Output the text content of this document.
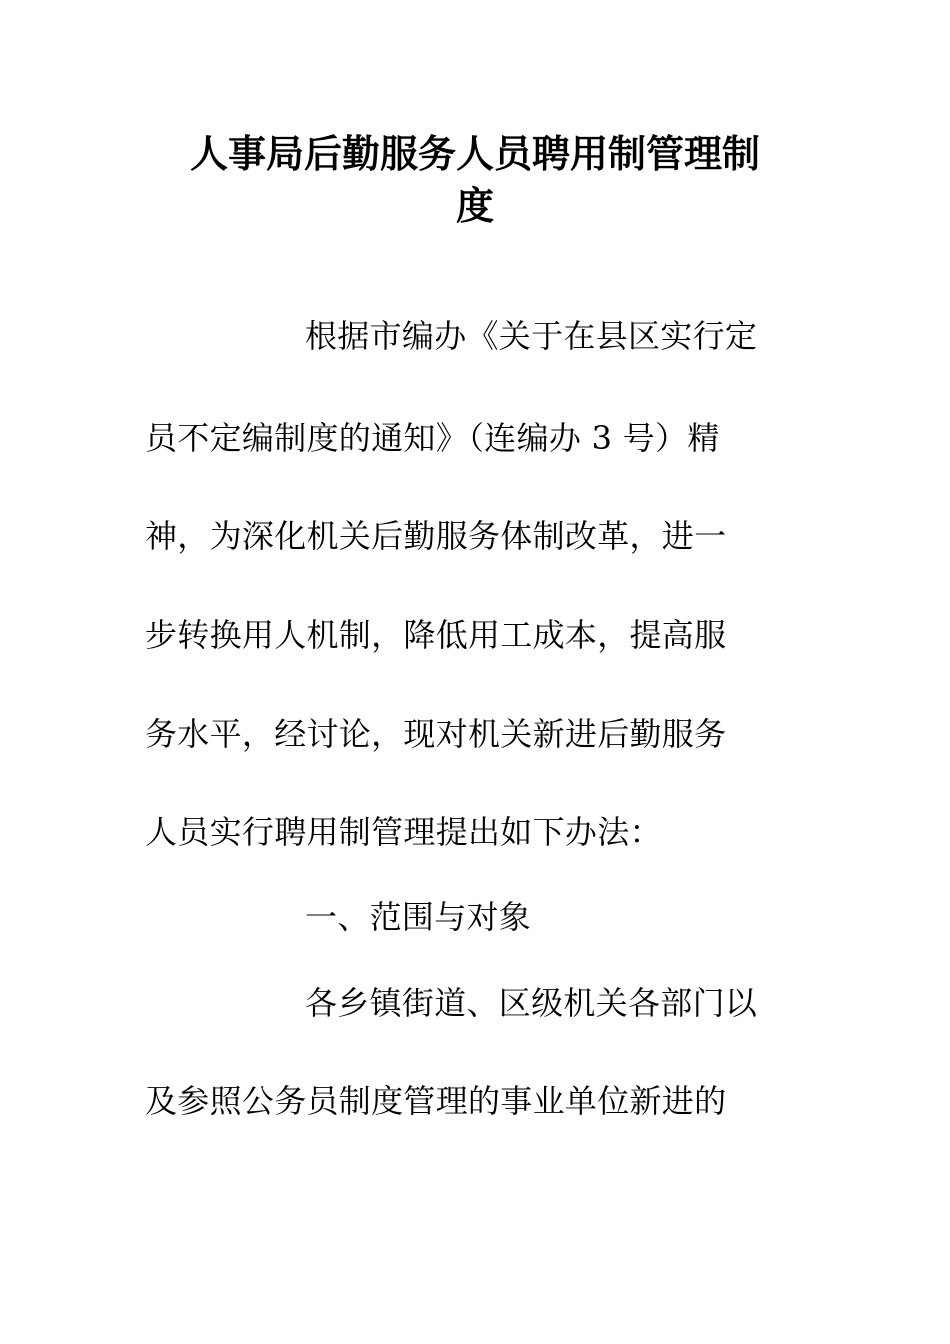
人事局后勤服务人员聘用制管理制
度
根据市编办《关于在县区实行定
员不定编制度的通知》（连编办 3 号）精
神，为深化机关后勤服务体制改革，进一
步转换用人机制，降低用工成本，提高服
务水平，经讨论，现对机关新进后勤服务
人员实行聘用制管理提出如下办法：
一、范围与对象
各乡镇街道、区级机关各部门以
及参照公务员制度管理的事业单位新进的
